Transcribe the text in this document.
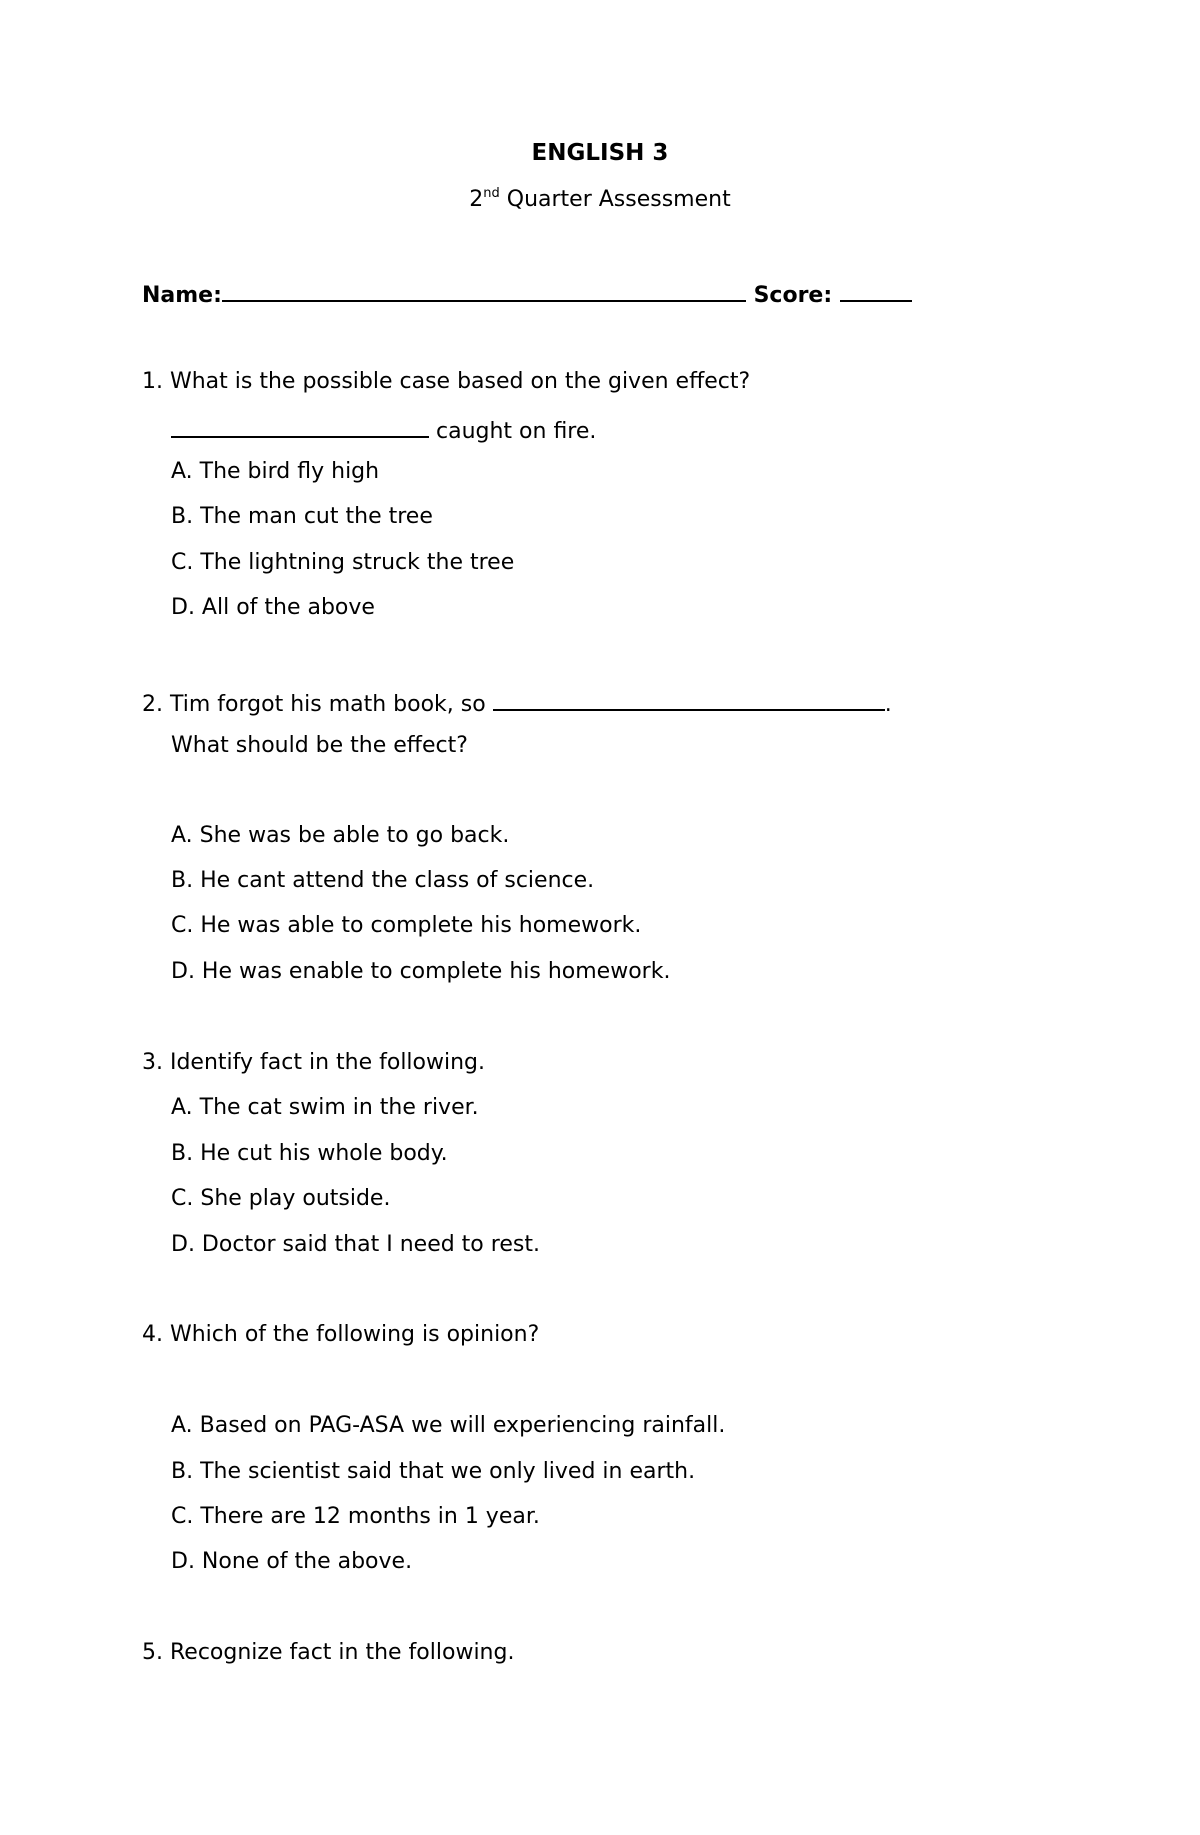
ENGLISH 3
2nd Quarter Assessment
Name:	Score:
1. What is the possible case based on the given effect?
caught on fire.
A. The bird fly high
B. The man cut the tree
C. The lightning struck the tree
D. All of the above
2. Tim forgot his math book, so	.
What should be the effect?
A. She was be able to go back.
B. He cant attend the class of science.
C. He was able to complete his homework.
D. He was enable to complete his homework.
3. Identify fact in the following.
A. The cat swim in the river.
B. He cut his whole body.
C. She play outside.
D. Doctor said that I need to rest.
4. Which of the following is opinion?
A. Based on PAG-ASA we will experiencing rainfall.
B. The scientist said that we only lived in earth.
C. There are 12 months in 1 year.
D. None of the above.
5. Recognize fact in the following.
